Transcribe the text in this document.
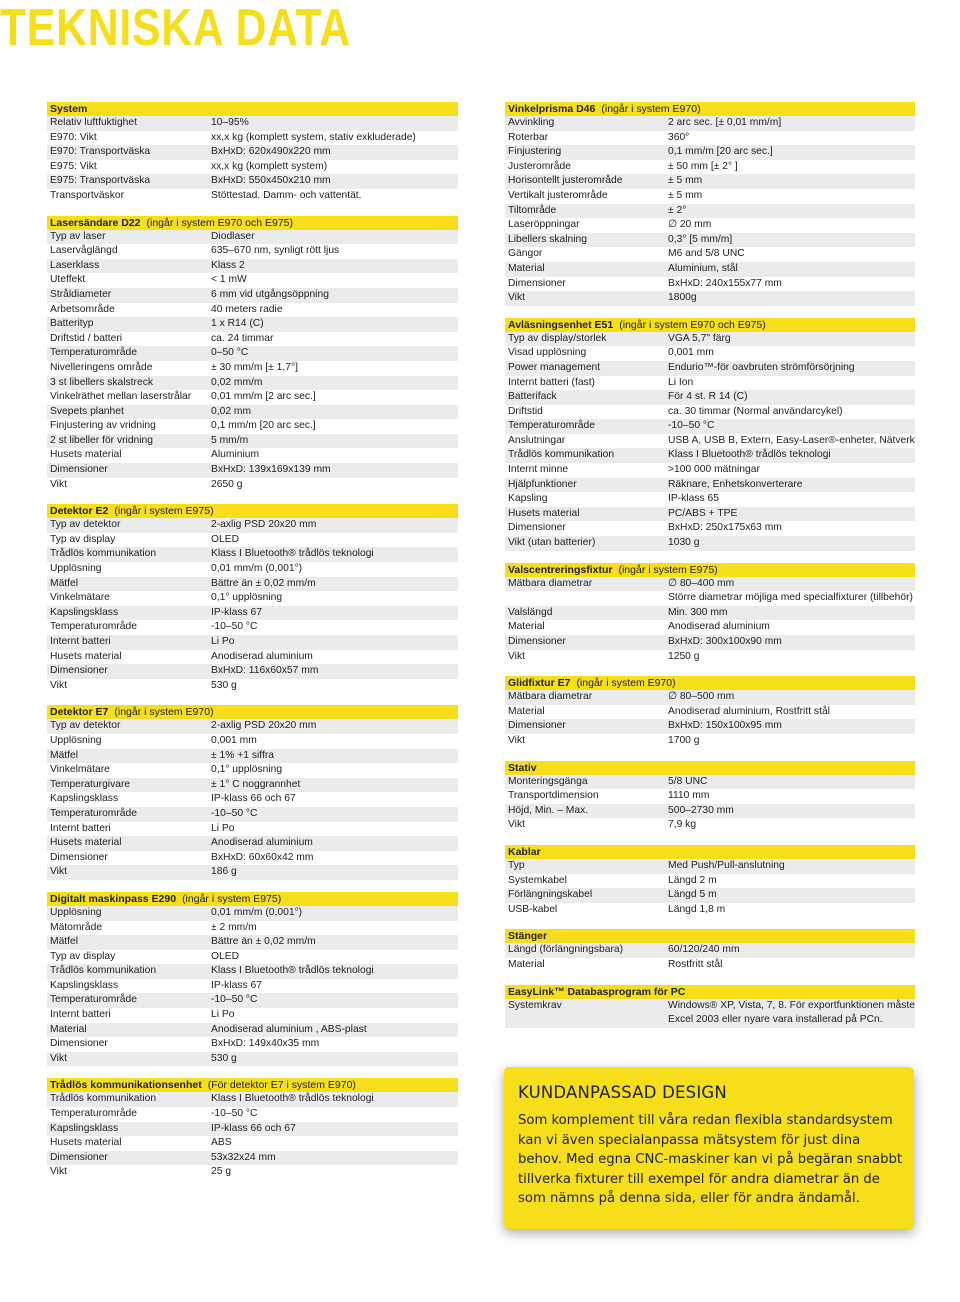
TEKNISKA DATA
System
Relativ luftfuktighet	10–95%
E970: Vikt	xx,x kg (komplett system, stativ exkluderade)
E970: Transportväska	BxHxD: 620x490x220 mm
E975: Vikt	xx,x kg (komplett system)
E975: Transportväska	BxHxD: 550x450x210 mm
Transportväskor	Stöttestad. Damm- och vattentät.
Lasersändare D22 (ingår i system E970 och E975)
Typ av laser	Diodlaser
Laservåglängd	635–670 nm, synligt rött ljus
Laserklass	Klass 2
Uteffekt	< 1 mW
Stråldiameter	6 mm vid utgångsöppning
Arbetsområde	40 meters radie
Batterityp	1 x R14 (C)
Driftstid / batteri	ca. 24 timmar
Temperaturområde	0–50 °C
Nivelleringens område	± 30 mm/m [± 1,7°]
3 st libellers skalstreck	0,02 mm/m
Vinkelräthet mellan laserstrålar	0,01 mm/m [2 arc sec.]
Svepets planhet	0,02 mm
Finjustering av vridning	0,1 mm/m [20 arc sec.]
2 st libeller för vridning	5 mm/m
Husets material	Aluminium
Dimensioner	BxHxD: 139x169x139 mm
Vikt	2650 g
Detektor E2 (ingår i system E975)
Typ av detektor	2-axlig PSD 20x20 mm
Typ av display	OLED
Trådlös kommunikation	Klass I Bluetooth® trådlös teknologi
Upplösning	0,01 mm/m (0,001°)
Mätfel	Bättre än ± 0,02 mm/m
Vinkelmätare	0,1° upplösning
Kapslingsklass	IP-klass 67
Temperaturområde	-10–50 °C
Internt batteri	Li Po
Husets material	Anodiserad aluminium
Dimensioner	BxHxD: 116x60x57 mm
Vikt	530 g
Detektor E7 (ingår i system E970)
Typ av detektor	2-axlig PSD 20x20 mm
Upplösning	0,001 mm
Mätfel	± 1% +1 siffra
Vinkelmätare	0,1° upplösning
Temperaturgivare	± 1° C noggrannhet
Kapslingsklass	IP-klass 66 och 67
Temperaturområde	-10–50 °C
Internt batteri	Li Po
Husets material	Anodiserad aluminium
Dimensioner	BxHxD: 60x60x42 mm
Vikt	186 g
Digitalt maskinpass E290 (ingår i system E975)
Upplösning	0,01 mm/m (0,001°)
Mätområde	± 2 mm/m
Mätfel	Bättre än ± 0,02 mm/m
Typ av display	OLED
Trådlös kommunikation	Klass I Bluetooth® trådlös teknologi
Kapslingsklass	IP-klass 67
Temperaturområde	-10–50 °C
Internt batteri	Li Po
Material	Anodiserad aluminium , ABS-plast
Dimensioner	BxHxD: 149x40x35 mm
Vikt	530 g
Trådlös kommunikationsenhet (För detektor E7 i system E970)
Trådlös kommunikation	Klass I Bluetooth® trådlös teknologi
Temperaturområde	-10–50 °C
Kapslingsklass	IP-klass 66 och 67
Husets material	ABS
Dimensioner	53x32x24 mm
Vikt	25 g
Vinkelprisma D46 (ingår i system E970)
Avvinkling	2 arc sec. [± 0,01 mm/m]
Roterbar	360°
Finjustering	0,1 mm/m [20 arc sec.]
Justerområde	± 50 mm [± 2° ]
Horisontellt justerområde	± 5 mm
Vertikalt justerområde	± 5 mm
Tiltområde	± 2°
Laseröppningar	∅ 20 mm
Libellers skalning	0,3° [5 mm/m]
Gängor	M6 and 5/8 UNC
Material	Aluminium, stål
Dimensioner	BxHxD: 240x155x77 mm
Vikt	1800g
Avläsningsenhet E51 (ingår i system E970 och E975)
Typ av display/storlek	VGA 5,7" färg
Visad upplösning	0,001 mm
Power management	Endurio™-för oavbruten strömförsörjning
Internt batteri (fast)	Li Ion
Batterifack	För 4 st. R 14 (C)
Driftstid	ca. 30 timmar (Normal användarcykel)
Temperaturområde	-10–50 °C
Anslutningar	USB A, USB B, Extern, Easy-Laser®-enheter, Nätverk
Trådlös kommunikation	Klass I Bluetooth® trådlös teknologi
Internt minne	>100 000 mätningar
Hjälpfunktioner	Räknare, Enhetskonverterare
Kapsling	IP-klass 65
Husets material	PC/ABS + TPE
Dimensioner	BxHxD: 250x175x63 mm
Vikt (utan batterier)	1030 g
Valscentreringsfixtur (ingår i system E975)
Mätbara diametrar	∅ 80–400 mm
Större diametrar möjliga med specialfixturer (tillbehör)
Valslängd	Min. 300 mm
Material	Anodiserad aluminium
Dimensioner	BxHxD: 300x100x90 mm
Vikt	1250 g
Glidfixtur E7 (ingår i system E970)
Mätbara diametrar	∅ 80–500 mm
Material	Anodiserad aluminium, Rostfritt stål
Dimensioner	BxHxD: 150x100x95 mm
Vikt	1700 g
Stativ
Monteringsgänga	5/8 UNC
Transportdimension	1110 mm
Höjd, Min. – Max.	500–2730 mm
Vikt	7,9 kg
Kablar
Typ	Med Push/Pull-anslutning
Systemkabel	Längd 2 m
Förlängningskabel	Längd 5 m
USB-kabel	Längd 1,8 m
Stänger
Längd (förlängningsbara)	60/120/240 mm
Material	Rostfritt stål
EasyLink™ Databasprogram för PC
Systemkrav	Windows® XP, Vista, 7, 8. För exportfunktionen måste Excel 2003 eller nyare vara installerad på PCn.
KUNDANPASSAD DESIGN
Som komplement till våra redan flexibla standardsystem kan vi även specialanpassa mätsystem för just dina behov. Med egna CNC-maskiner kan vi på begäran snabbt tillverka fixturer till exempel för andra diametrar än de som nämns på denna sida, eller för andra ändamål.
